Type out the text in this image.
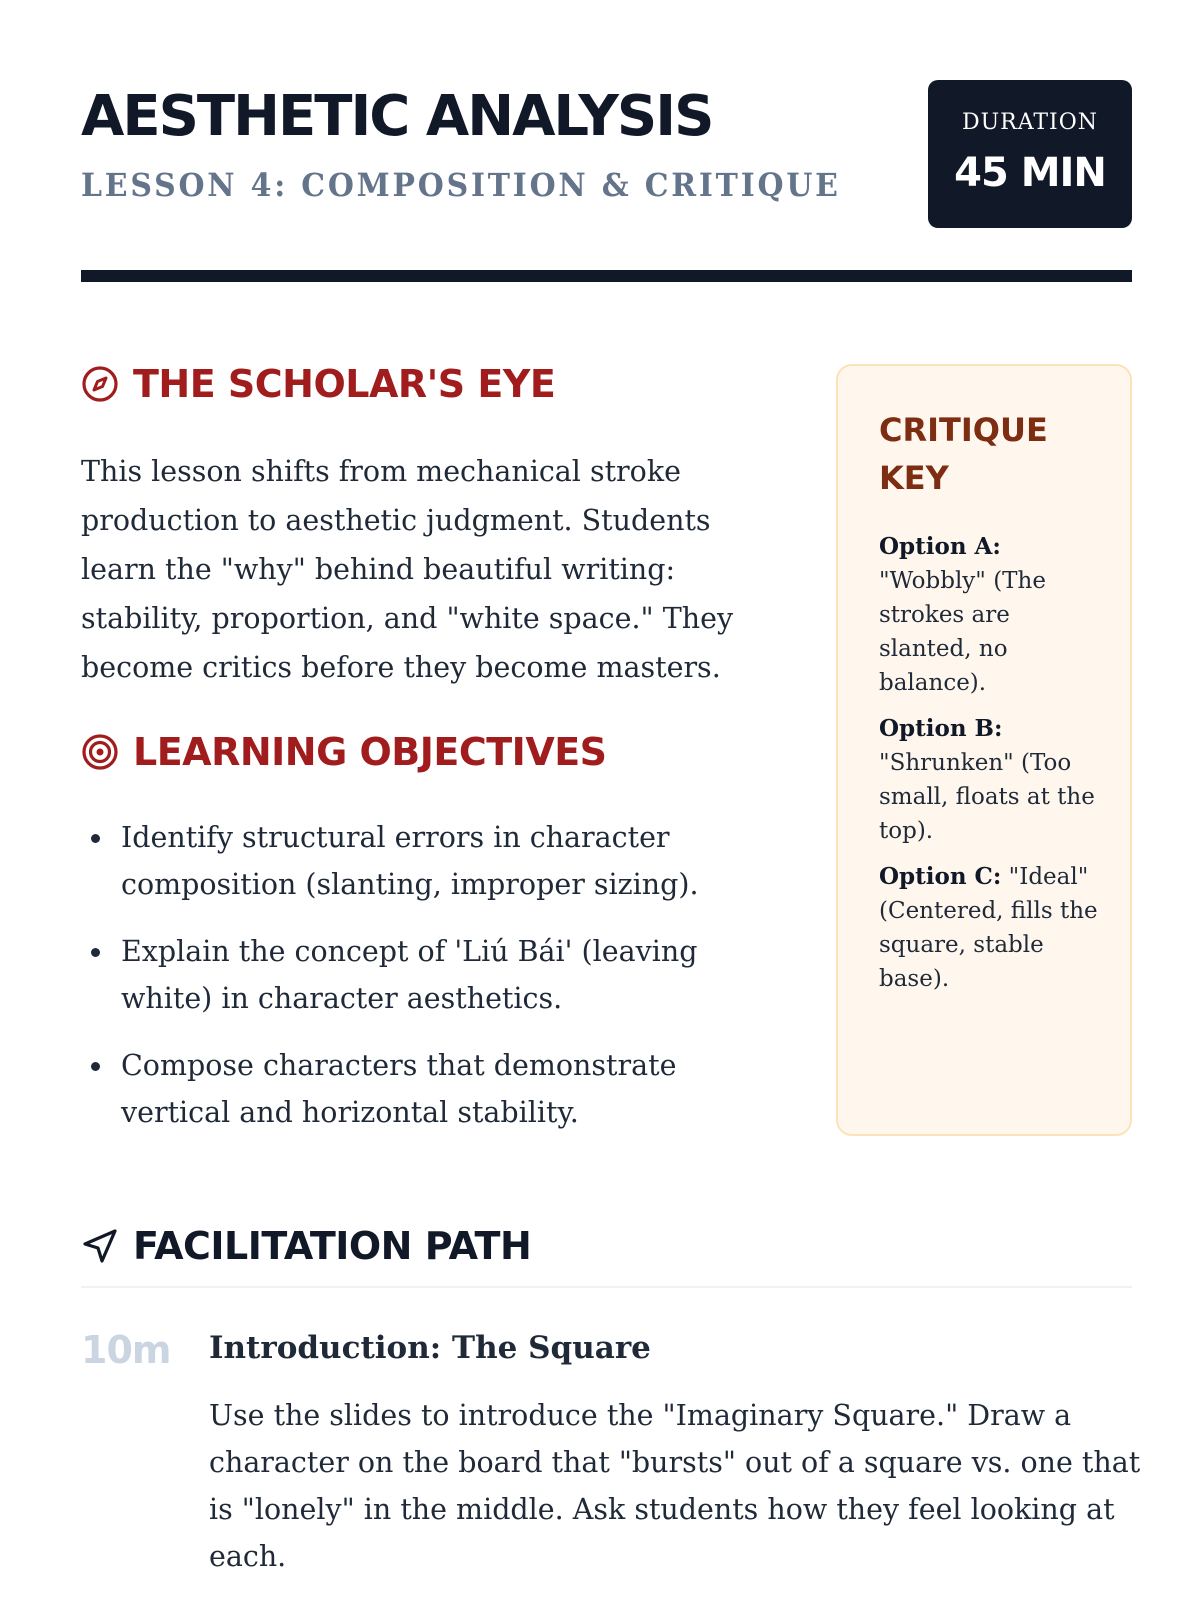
AESTHETIC ANALYSIS
LESSON 4: COMPOSITION & CRITIQUE
DURATION
45 MIN
THE SCHOLAR'S EYE

This lesson shifts from mechanical stroke production to aesthetic judgment. Students learn the "why" behind beautiful writing: stability, proportion, and "white space." They become critics before they become masters.

LEARNING OBJECTIVES
Identify structural errors in character composition (slanting, improper sizing).
Explain the concept of 'Liú Bái' (leaving white) in character aesthetics.
Compose characters that demonstrate vertical and horizontal stability.
CRITIQUE KEY

Option A:
"Wobbly" (The strokes are slanted, no balance).

Option B:
"Shrunken" (Too small, floats at the top).

Option C: "Ideal" (Centered, fills the square, stable base).

FACILITATION PATH
10m Introduction: The Square

Use the slides to introduce the "Imaginary Square." Draw a character on the board that "bursts" out of a square vs. one that is "lonely" in the middle. Ask students how they feel looking at each.
